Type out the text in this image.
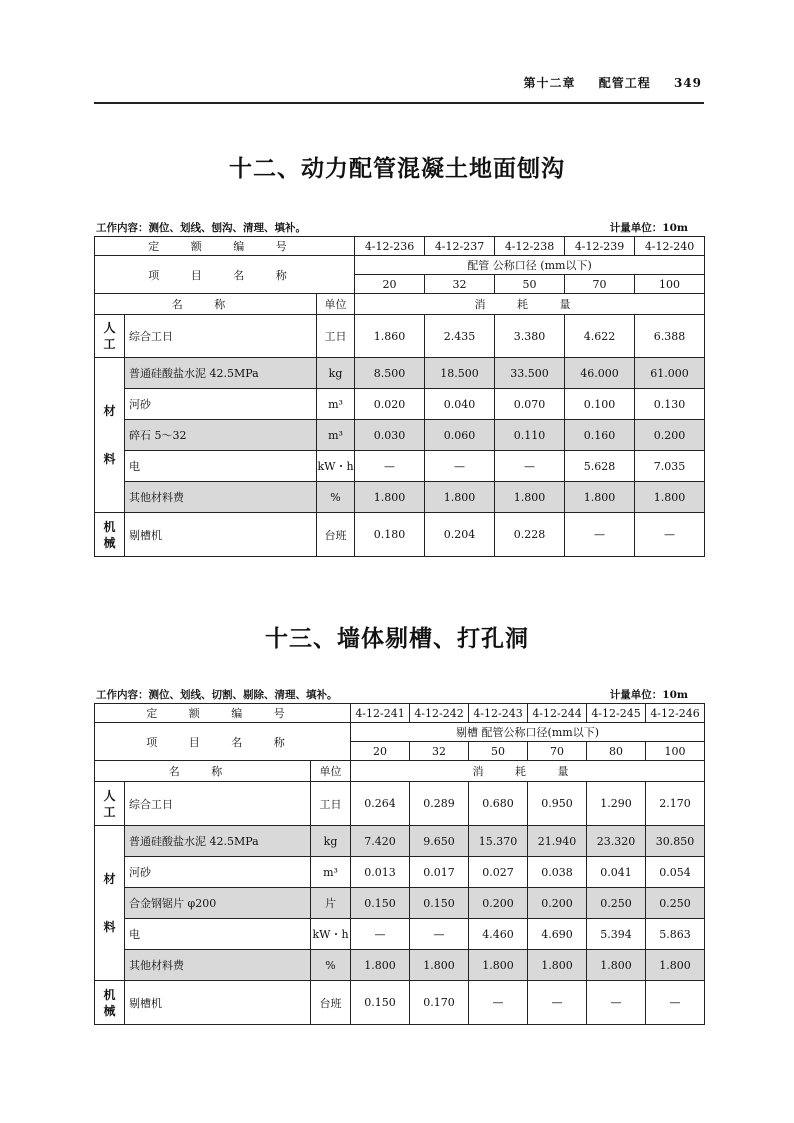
第十二章 配管工程 349
十二、动力配管混凝土地面刨沟
工作内容：测位、划线、刨沟、清理、填补。	计量单位：10m
定 额 编 号			4-12-236	4-12-237	4-12-238	4-12-239	4-12-240
项 目 名 称			配管 公称口径 (mm以下)				
			20	32	50	70	100
名 称		单位	消 耗 量				
人
工	综合工日	工日	1.860	2.435	3.380	4.622	6.388
材

料	普通硅酸盐水泥 42.5MPa	kg	8.500	18.500	33.500	46.000	61.000
	河砂	m³	0.020	0.040	0.070	0.100	0.130
	碎石 5～32	m³	0.030	0.060	0.110	0.160	0.200
	电	kW・h	—	—	—	5.628	7.035
	其他材料费	%	1.800	1.800	1.800	1.800	1.800
机
械	剔槽机	台班	0.180	0.204	0.228	—	—
十三、墙体剔槽、打孔洞
工作内容：测位、划线、切割、剔除、清理、填补。	计量单位：10m
定 额 编 号			4-12-241	4-12-242	4-12-243	4-12-244	4-12-245	4-12-246
项 目 名 称			剔槽 配管公称口径(mm以下)					
			20	32	50	70	80	100
名 称		单位	消 耗 量					
人
工	综合工日	工日	0.264	0.289	0.680	0.950	1.290	2.170
材

料	普通硅酸盐水泥 42.5MPa	kg	7.420	9.650	15.370	21.940	23.320	30.850
	河砂	m³	0.013	0.017	0.027	0.038	0.041	0.054
	合金钢锯片 φ200	片	0.150	0.150	0.200	0.200	0.250	0.250
	电	kW・h	—	—	4.460	4.690	5.394	5.863
	其他材料费	%	1.800	1.800	1.800	1.800	1.800	1.800
机
械	剔槽机	台班	0.150	0.170	—	—	—	—
